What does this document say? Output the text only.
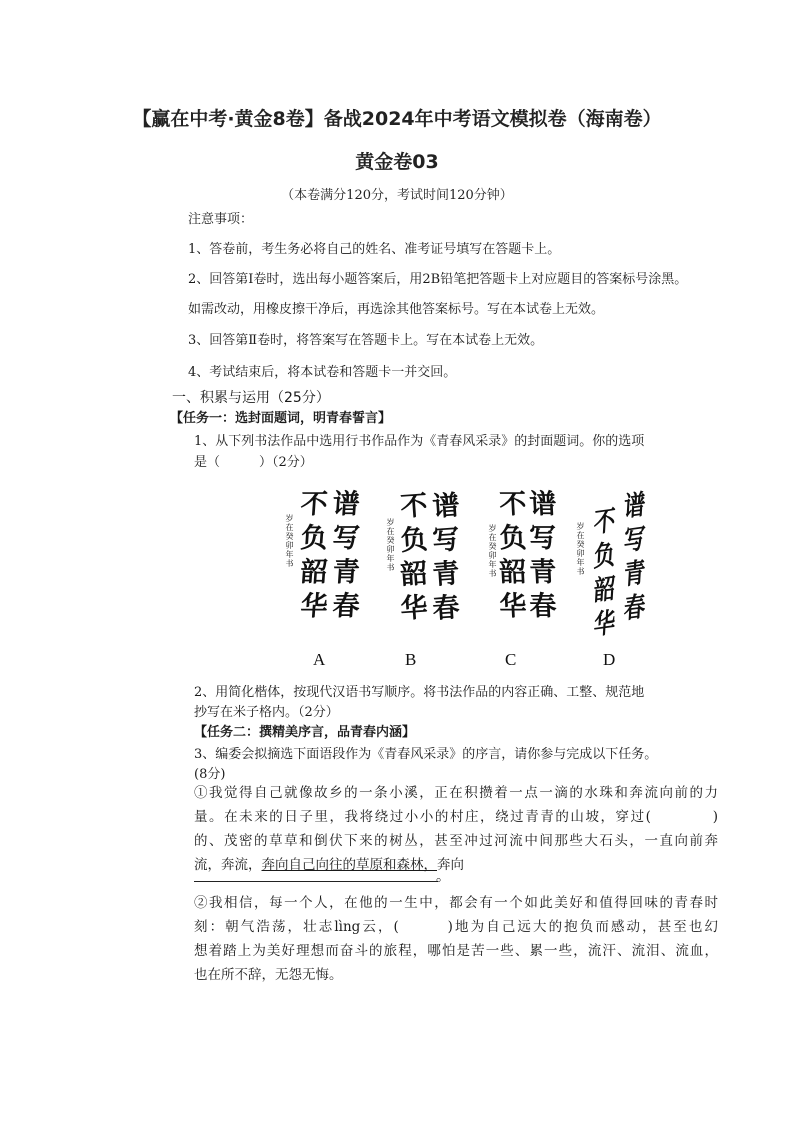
【赢在中考·黄金8卷】备战2024年中考语文模拟卷（海南卷）
黄金卷03
（本卷满分120分，考试时间120分钟）
注意事项：
1、答卷前，考生务必将自己的姓名、准考证号填写在答题卡上。
2、回答第Ⅰ卷时，选出每小题答案后，用2B铅笔把答题卡上对应题目的答案标号涂黑。
如需改动，用橡皮擦干净后，再选涂其他答案标号。写在本试卷上无效。
3、回答第Ⅱ卷时，将答案写在答题卡上。写在本试卷上无效。
4、考试结束后，将本试卷和答题卡一并交回。
一、积累与运用（25分）
【任务一：选封面题词，明青春誓言】
1、从下列书法作品中选用行书作品作为《青春风采录》的封面题词。你的选项
是（　　　）（2分）
谱
写
青
春
不
负
韶
华
岁
在
癸
卯
年
书
谱
写
青
春
不
负
韶
华
岁
在
癸
卯
年
书
谱
写
青
春
不
负
韶
华
岁
在
癸
卯
年
书
谱
写
青
春
不
负
韶
华
岁
在
癸
卯
年
书
A	B	C	D
2、用简化楷体，按现代汉语书写顺序。将书法作品的内容正确、工整、规范地
抄写在米子格内。（2分）
【任务二：撰精美序言，品青春内涵】
3、编委会拟摘选下面语段作为《青春风采录》的序言，请你参与完成以下任务。
(8分)
①我觉得自己就像故乡的一条小溪，正在积攒着一点一滴的水珠和奔流向前的力
量。在未来的日子里，我将绕过小小的村庄，绕过青青的山坡，穿过(　　　　)
的、茂密的草草和倒伏下来的树丛，甚至冲过河流中间那些大石头，一直向前奔
流，奔流，奔向自己向往的草原和森林，奔向
。
②我相信，每一个人，在他的一生中，都会有一个如此美好和值得回味的青春时
刻：朝气浩荡，壮志lìng云，(　　　)地为自己远大的抱负而感动，甚至也幻
想着踏上为美好理想而奋斗的旅程，哪怕是苦一些、累一些，流汗、流泪、流血，
也在所不辞，无怨无悔。
